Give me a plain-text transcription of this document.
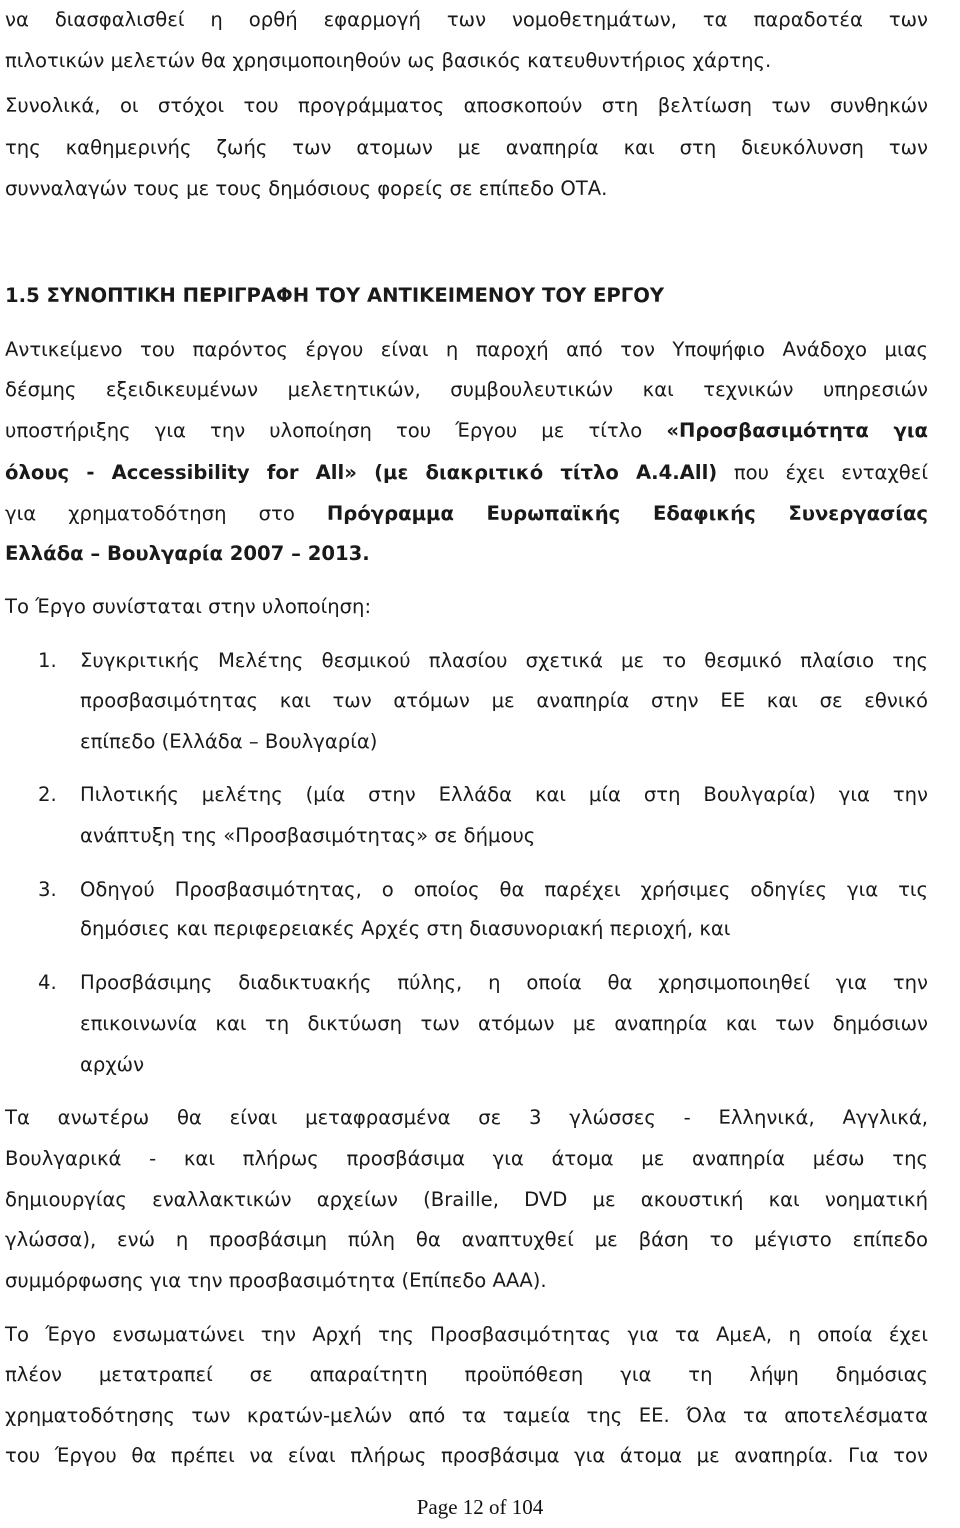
να διασφαλισθεί η ορθή εφαρμογή των νομοθετημάτων, τα παραδοτέα των
πιλοτικών μελετών θα χρησιμοποιηθούν ως βασικός κατευθυντήριος χάρτης.
Συνολικά, οι στόχοι του προγράμματος αποσκοπούν στη βελτίωση των συνθηκών
της καθημερινής ζωής των ατομων με αναπηρία και στη διευκόλυνση των
συνναλαγών τους με τους δημόσιους φορείς σε επίπεδο ΟΤΑ.
1.5 ΣΥΝΟΠΤΙΚΗ ΠΕΡΙΓΡΑΦΗ ΤΟΥ ΑΝΤΙΚΕΙΜΕΝΟΥ ΤΟΥ ΕΡΓΟΥ
Αντικείμενο του παρόντος έργου είναι η παροχή από τον Υποψήφιο Ανάδοχο μιας
δέσμης εξειδικευμένων μελετητικών, συμβουλευτικών και τεχνικών υπηρεσιών
υποστήριξης για την υλοποίηση του Έργου με τίτλο «Προσβασιμότητα για
όλους - Accessibility for All» (με διακριτικό τίτλο Α.4.All) που έχει ενταχθεί
για χρηματοδότηση στο Πρόγραμμα Ευρωπαϊκής Εδαφικής Συνεργασίας
Ελλάδα – Βουλγαρία 2007 – 2013.
Το Έργο συνίσταται στην υλοποίηση:
1.	Συγκριτικής Μελέτης θεσμικού πλασίου σχετικά με το θεσμικό πλαίσιο της
προσβασιμότητας και των ατόμων με αναπηρία στην ΕΕ και σε εθνικό
επίπεδο (Ελλάδα – Βουλγαρία)
2.	Πιλοτικής μελέτης (μία στην Ελλάδα και μία στη Βουλγαρία) για την
ανάπτυξη της «Προσβασιμότητας» σε δήμους
3.	Οδηγού Προσβασιμότητας, ο οποίος θα παρέχει χρήσιμες οδηγίες για τις
δημόσιες και περιφερειακές Αρχές στη διασυνοριακή περιοχή, και
4.	Προσβάσιμης διαδικτυακής πύλης, η οποία θα χρησιμοποιηθεί για την
επικοινωνία και τη δικτύωση των ατόμων με αναπηρία και των δημόσιων
αρχών
Τα ανωτέρω θα είναι μεταφρασμένα σε 3 γλώσσες - Ελληνικά, Αγγλικά,
Βουλγαρικά - και πλήρως προσβάσιμα για άτομα με αναπηρία μέσω της
δημιουργίας εναλλακτικών αρχείων (Braille, DVD με ακουστική και νοηματική
γλώσσα), ενώ η προσβάσιμη πύλη θα αναπτυχθεί με βάση το μέγιστο επίπεδο
συμμόρφωσης για την προσβασιμότητα (Επίπεδο ΑΑΑ).
Το Έργο ενσωματώνει την Αρχή της Προσβασιμότητας για τα ΑμεΑ, η οποία έχει
πλέον μετατραπεί σε απαραίτητη προϋπόθεση για τη λήψη δημόσιας
χρηματοδότησης των κρατών-μελών από τα ταμεία της ΕΕ. Όλα τα αποτελέσματα
του Έργου θα πρέπει να είναι πλήρως προσβάσιμα για άτομα με αναπηρία. Για τον
Page 12 of 104
